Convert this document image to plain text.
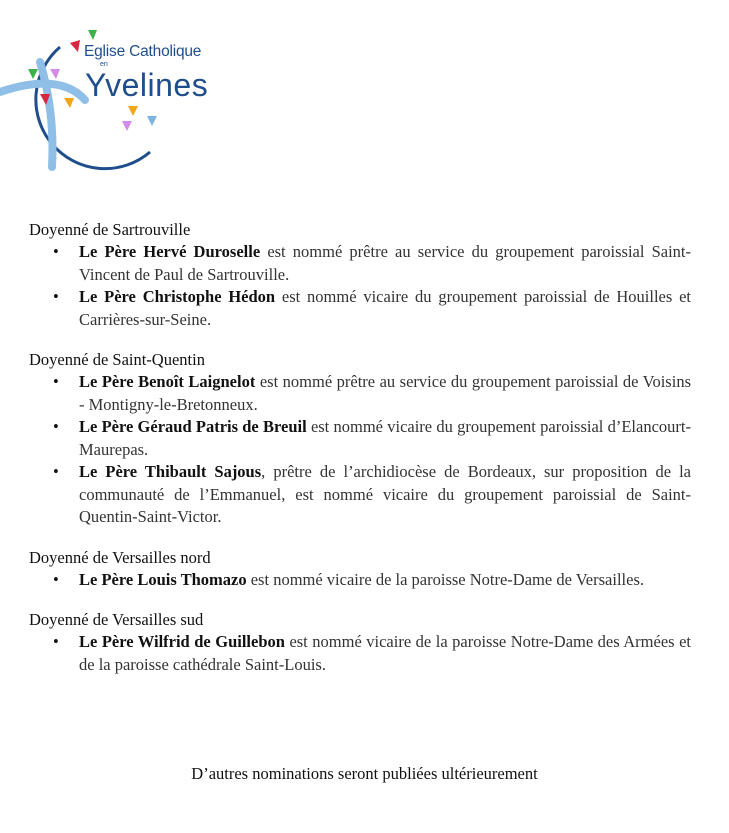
Eglise Catholique
en
Yvelines
Doyenné de Sartrouville
• Le Père Hervé Duroselle est nommé prêtre au service du groupement paroissial Saint-Vincent de Paul de Sartrouville.
• Le Père Christophe Hédon est nommé vicaire du groupement paroissial de Houilles et Carrières-sur-Seine.
Doyenné de Saint-Quentin
• Le Père Benoît Laignelot est nommé prêtre au service du groupement paroissial de Voisins - Montigny-le-Bretonneux.
• Le Père Géraud Patris de Breuil est nommé vicaire du groupement paroissial d’Elancourt-Maurepas.
• Le Père Thibault Sajous, prêtre de l’archidiocèse de Bordeaux, sur proposition de la communauté de l’Emmanuel, est nommé vicaire du groupement paroissial de Saint-Quentin-Saint-Victor.
Doyenné de Versailles nord
• Le Père Louis Thomazo est nommé vicaire de la paroisse Notre-Dame de Versailles.
Doyenné de Versailles sud
• Le Père Wilfrid de Guillebon est nommé vicaire de la paroisse Notre-Dame des Armées et de la paroisse cathédrale Saint-Louis.
D’autres nominations seront publiées ultérieurement
